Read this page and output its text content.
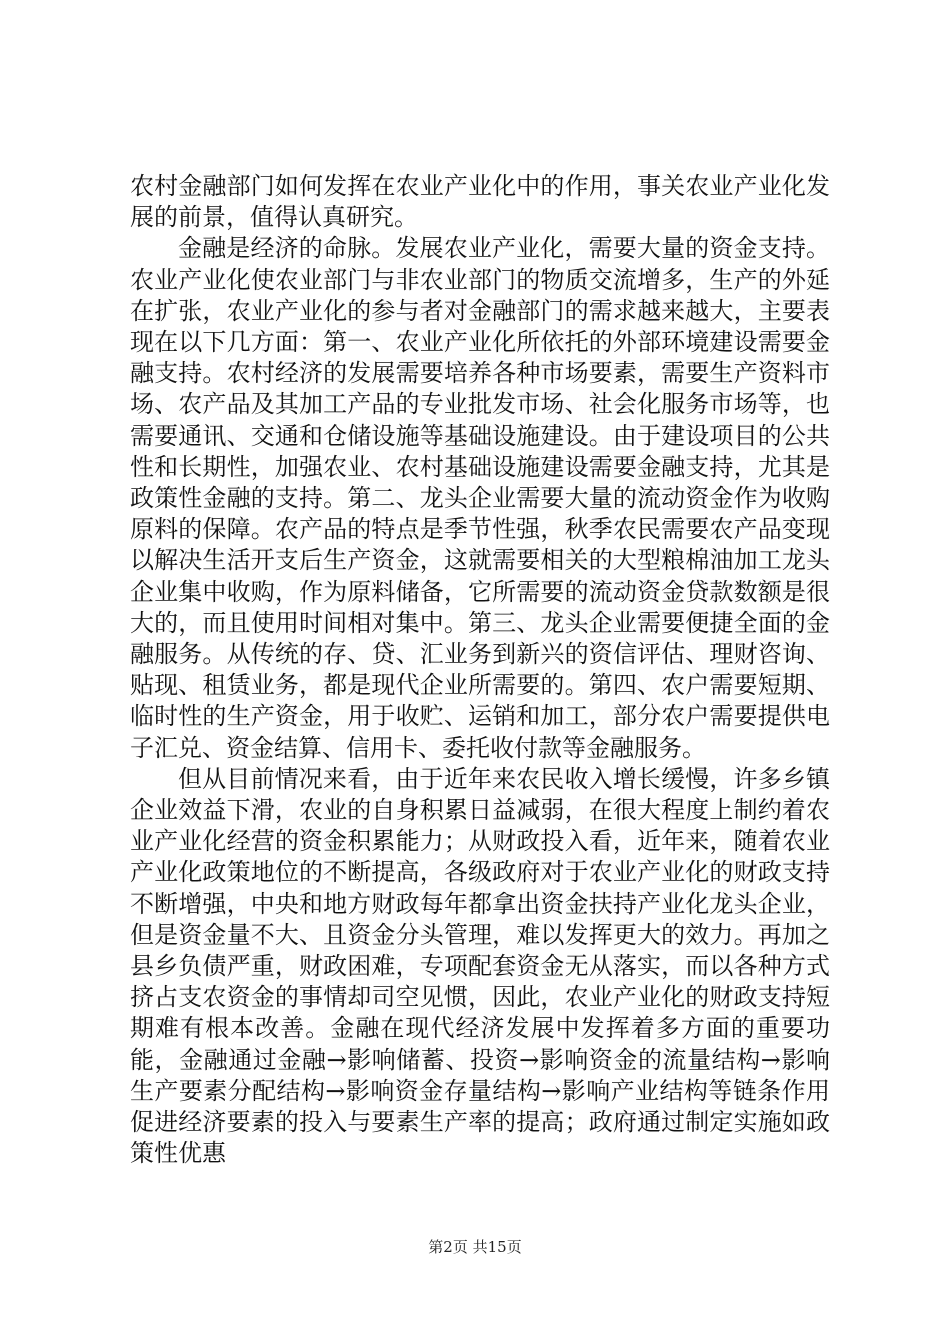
农村金融部门如何发挥在农业产业化中的作用，事关农业产业化发展的前景，值得认真研究。

金融是经济的命脉。发展农业产业化，需要大量的资金支持。农业产业化使农业部门与非农业部门的物质交流增多，生产的外延在扩张，农业产业化的参与者对金融部门的需求越来越大，主要表现在以下几方面：第一、农业产业化所依托的外部环境建设需要金融支持。农村经济的发展需要培养各种市场要素，需要生产资料市场、农产品及其加工产品的专业批发市场、社会化服务市场等，也需要通讯、交通和仓储设施等基础设施建设。由于建设项目的公共性和长期性，加强农业、农村基础设施建设需要金融支持，尤其是政策性金融的支持。第二、龙头企业需要大量的流动资金作为收购原料的保障。农产品的特点是季节性强，秋季农民需要农产品变现以解决生活开支后生产资金，这就需要相关的大型粮棉油加工龙头企业集中收购，作为原料储备，它所需要的流动资金贷款数额是很大的，而且使用时间相对集中。第三、龙头企业需要便捷全面的金融服务。从传统的存、贷、汇业务到新兴的资信评估、理财咨询、贴现、租赁业务，都是现代企业所需要的。第四、农户需要短期、临时性的生产资金，用于收贮、运销和加工，部分农户需要提供电子汇兑、资金结算、信用卡、委托收付款等金融服务。

但从目前情况来看，由于近年来农民收入增长缓慢，许多乡镇企业效益下滑，农业的自身积累日益减弱，在很大程度上制约着农业产业化经营的资金积累能力；从财政投入看，近年来，随着农业产业化政策地位的不断提高，各级政府对于农业产业化的财政支持不断增强，中央和地方财政每年都拿出资金扶持产业化龙头企业，但是资金量不大、且资金分头管理，难以发挥更大的效力。再加之县乡负债严重，财政困难，专项配套资金无从落实，而以各种方式挤占支农资金的事情却司空见惯，因此，农业产业化的财政支持短期难有根本改善。金融在现代经济发展中发挥着多方面的重要功能，金融通过金融→影响储蓄、投资→影响资金的流量结构→影响生产要素分配结构→影响资金存量结构→影响产业结构等链条作用促进经济要素的投入与要素生产率的提高；政府通过制定实施如政策性优惠

第2页 共15页
